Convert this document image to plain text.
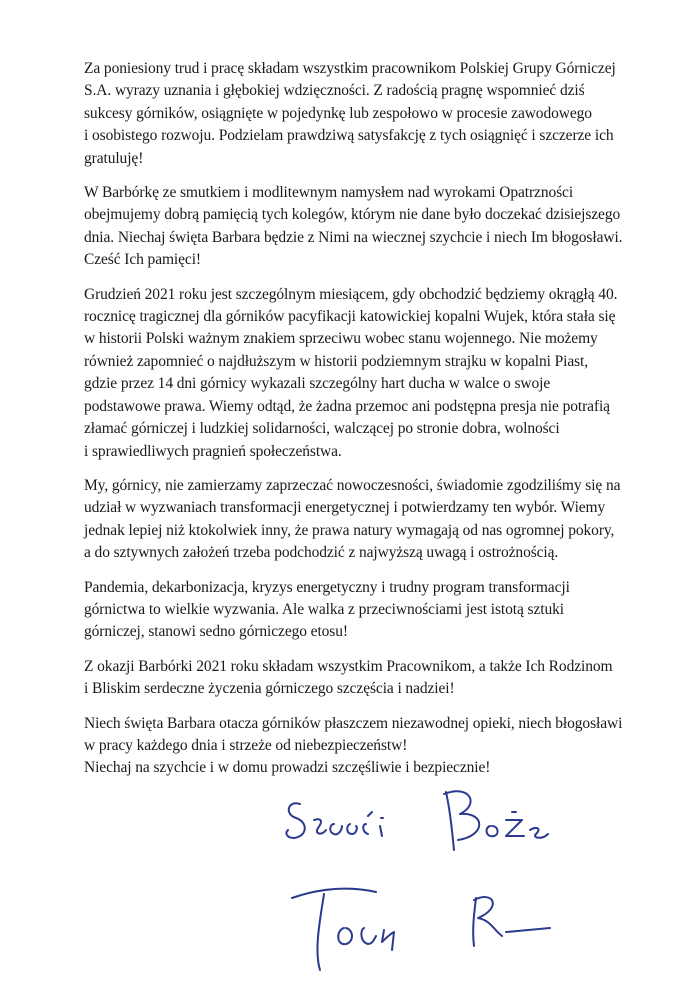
Za poniesiony trud i pracę składam wszystkim pracownikom Polskiej Grupy Górniczej
S.A. wyrazy uznania i głębokiej wdzięczności. Z radością pragnę wspomnieć dziś
sukcesy górników, osiągnięte w pojedynkę lub zespołowo w procesie zawodowego
i osobistego rozwoju. Podzielam prawdziwą satysfakcję z tych osiągnięć i szczerze ich
gratuluję!

W Barbórkę ze smutkiem i modlitewnym namysłem nad wyrokami Opatrzności
obejmujemy dobrą pamięcią tych kolegów, którym nie dane było doczekać dzisiejszego
dnia. Niechaj święta Barbara będzie z Nimi na wiecznej szychcie i niech Im błogosławi.
Cześć Ich pamięci!

Grudzień 2021 roku jest szczególnym miesiącem, gdy obchodzić będziemy okrągłą 40.
rocznicę tragicznej dla górników pacyfikacji katowickiej kopalni Wujek, która stała się
w historii Polski ważnym znakiem sprzeciwu wobec stanu wojennego. Nie możemy
również zapomnieć o najdłuższym w historii podziemnym strajku w kopalni Piast,
gdzie przez 14 dni górnicy wykazali szczególny hart ducha w walce o swoje
podstawowe prawa. Wiemy odtąd, że żadna przemoc ani podstępna presja nie potrafią
złamać górniczej i ludzkiej solidarności, walczącej po stronie dobra, wolności
i sprawiedliwych pragnień społeczeństwa.

My, górnicy, nie zamierzamy zaprzeczać nowoczesności, świadomie zgodziliśmy się na
udział w wyzwaniach transformacji energetycznej i potwierdzamy ten wybór. Wiemy
jednak lepiej niż ktokolwiek inny, że prawa natury wymagają od nas ogromnej pokory,
a do sztywnych założeń trzeba podchodzić z najwyższą uwagą i ostrożnością.

Pandemia, dekarbonizacja, kryzys energetyczny i trudny program transformacji
górnictwa to wielkie wyzwania. Ale walka z przeciwnościami jest istotą sztuki
górniczej, stanowi sedno górniczego etosu!

Z okazji Barbórki 2021 roku składam wszystkim Pracownikom, a także Ich Rodzinom
i Bliskim serdeczne życzenia górniczego szczęścia i nadziei!

Niech święta Barbara otacza górników płaszczem niezawodnej opieki, niech błogosławi
w pracy każdego dnia i strzeże od niebezpieczeństw!
Niechaj na szychcie i w domu prowadzi szczęśliwie i bezpiecznie!
